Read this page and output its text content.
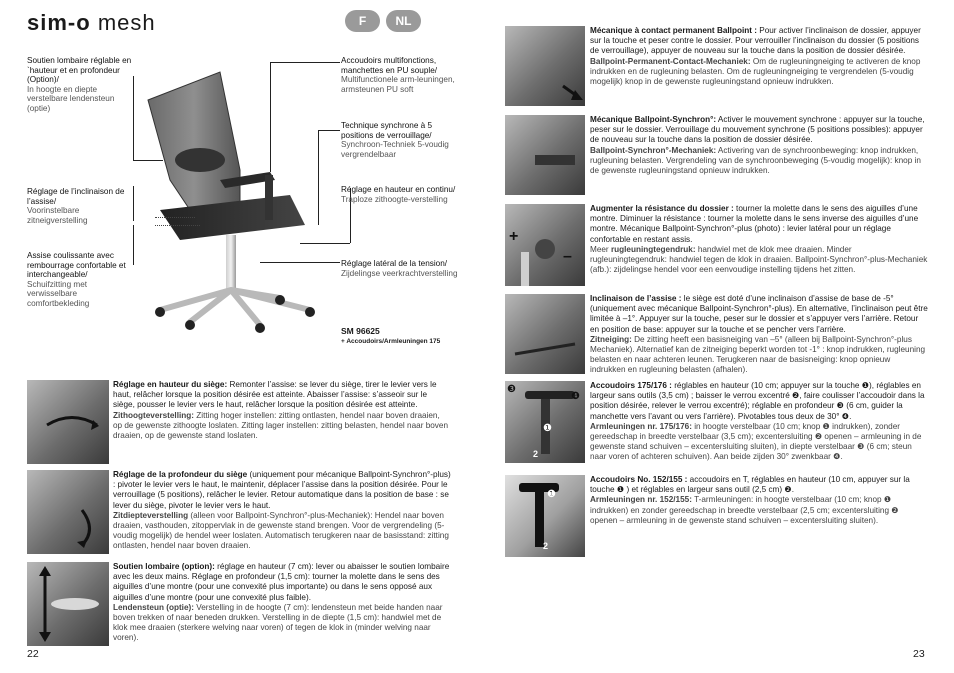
sim-o mesh	F	NL
Soutien lombaire réglable en `hauteur et en profondeur (Option)/
In hoogte en diepte verstelbare lendensteun (optie)
Réglage de l’inclinaison de l’assise/
Voorinstelbare zitneigverstelling
Assise coulissante avec rembourrage confortable et interchangeable/
Schuifzitting met verwisselbare comfortbekleding
Accoudoirs multifonctions, manchettes en PU souple/
Multifunctionele arm-leuningen, armsteunen PU soft
Technique synchrone à 5 positions de verrouillage/
Synchroon-Techniek 5-voudig vergrendelbaar
Réglage en hauteur en continu/
Traploze zithoogte-verstelling
Réglage latéral de la tension/
Zijdelingse veerkrachtverstelling
SM 96625
+ Accoudoirs/Armleuningen 175

Réglage en hauteur du siège: Remonter l’assise: se lever du siège, tirer le levier vers le haut, relâcher lorsque la position désirée est atteinte. Abaisser l’assise: s’asseoir sur le siège, pousser le levier vers le haut, relâcher lorsque la position désirée est atteinte.

Zithoogteverstelling: Zitting hoger instellen: zitting ontlasten, hendel naar boven draaien, op de gewenste zithoogte loslaten. Zitting lager instellen: zitting belasten, hendel naar boven draaien, op de gewenste stand loslaten.

Réglage de la profondeur du siège (uniquement pour mécanique Ballpoint-Synchron°-plus) : pivoter le levier vers le haut, le maintenir, déplacer l’assise dans la position désirée. Pour le verrouillage (5 positions), relâcher le levier. Retour automatique dans la position de base : se lever du siège, pivoter le levier vers le haut.

Zitdiepteverstelling (alleen voor Ballpoint-Synchron°-plus-Mechaniek): Hendel naar boven draaien, vasthouden, zitoppervlak in de gewenste stand brengen. Voor de vergrendeling (5-voudig mogelijk) de hendel weer loslaten. Automatisch terugkeren naar de basisstand: zitting ontlasten, hendel naar boven draaien.

Soutien lombaire (option): réglage en hauteur (7 cm): lever ou abaisser le soutien lombaire avec les deux mains. Réglage en profondeur (1,5 cm): tourner la molette dans le sens des aiguilles d’une montre (pour une convexité plus importante) ou dans le sens opposé aux aiguilles d’une montre (pour une convexité plus faible).

Lendensteun (optie): Verstelling in de hoogte (7 cm): lendensteun met beide handen naar boven trekken of naar beneden drukken. Verstelling in de diepte (1,5 cm): handwiel met de klok mee draaien (sterkere welving naar voren) of tegen de klok in (minder welving naar voren).

22
+
–
❸
❹
❶
2
❶
2

Mécanique à contact permanent Ballpoint : Pour activer l’inclinaison de dossier, appuyer sur la touche et peser contre le dossier. Pour verrouiller l’inclinaison du dossier (5 positions de verrouillage), appuyer de nouveau sur la touche dans la position de dossier désirée.

Ballpoint-Permanent-Contact-Mechaniek: Om de rugleuningneiging te activeren de knop indrukken en de rugleuning belasten. Om de rugleuningneiging te vergrendelen (5-voudig mogelijk) knop in de gewenste rugleuningstand opnieuw indrukken.

Mécanique Ballpoint-Synchron°: Activer le mouvement synchrone : appuyer sur la touche, peser sur le dossier. Verrouillage du mouvement synchrone (5 positions possibles): appuyer de nouveau sur la touche dans la position de dossier désirée.

Ballpoint-Synchron°-Mechaniek: Activering van de synchroonbeweging: knop indrukken, rugleuning belasten. Vergrendeling van de synchroonbeweging (5-voudig mogelijk): knop in de gewenste rugleuningstand opnieuw indrukken.

Augmenter la résistance du dossier : tourner la molette dans le sens des aiguilles d’une montre. Diminuer la résistance : tourner la molette dans le sens inverse des aiguilles d’une montre. Mécanique Ballpoint-Synchron°-plus (photo) : levier latéral pour un réglage confortable en restant assis.

Meer rugleuningtegendruk: handwiel met de klok mee draaien. Minder rugleuningtegendruk: handwiel tegen de klok in draaien. Ballpoint-Synchron°-plus-Mechaniek (afb.): zijdelingse hendel voor een eenvoudige instelling tijdens het zitten.

Inclinaison de l’assise : le siège est doté d’une inclinaison d’assise de base de -5° (uniquement avec mécanique Ballpoint-Synchron°-plus). En alternative, l’inclinaison peut être limitée à –1°. Appuyer sur la touche, peser sur le dossier et s’appuyer vers l’arrière. Retour en position de base: appuyer sur la touche et se pencher vers l’arrière.

Zitneiging: De zitting heeft een basisneiging van –5° (alleen bij Ballpoint-Synchron°-plus Mechaniek). Alternatief kan de zitneiging beperkt worden tot -1° : knop indrukken, rugleuning belasten en naar achteren leunen. Terugkeren naar de basisneiging: knop opnieuw indrukken en rugleuning belasten (afhalen).

Accoudoirs 175/176 : réglables en hauteur (10 cm; appuyer sur la touche ❶), réglables en largeur sans outils (3,5 cm) ; baisser le verrou excentré ❷, faire coulisser l’accoudoir dans la position désirée, relever le verrou excentré); réglable en profondeur ❸ (6 cm, guider la manchette vers l’avant ou vers l’arrière). Pivotables tous deux de 30° ❹.

Armleuningen nr. 175/176: in hoogte verstelbaar (10 cm; knop ❶ indrukken), zonder gereedschap in breedte verstelbaar (3,5 cm); excentersluiting ❷ openen – armleuning in de gewenste stand schuiven – excentersluiting sluiten), in diepte verstelbaar ❸ (6 cm; steun naar voren of achteren schuiven). Aan beide zijden 30° zwenkbaar ❹.

Accoudoirs No. 152/155 : accoudoirs en T, réglables en hauteur (10 cm, appuyer sur la touche ❶ ) et réglables en largeur sans outil (2,5 cm) ❷.

Armleuningen nr. 152/155: T-armleuningen: in hoogte verstelbaar (10 cm; knop ❶ indrukken) en zonder gereedschap in breedte verstelbaar (2,5 cm; excentersluiting ❷ openen – armleuning in de gewenste stand schuiven – excentersluiting sluiten).

23
